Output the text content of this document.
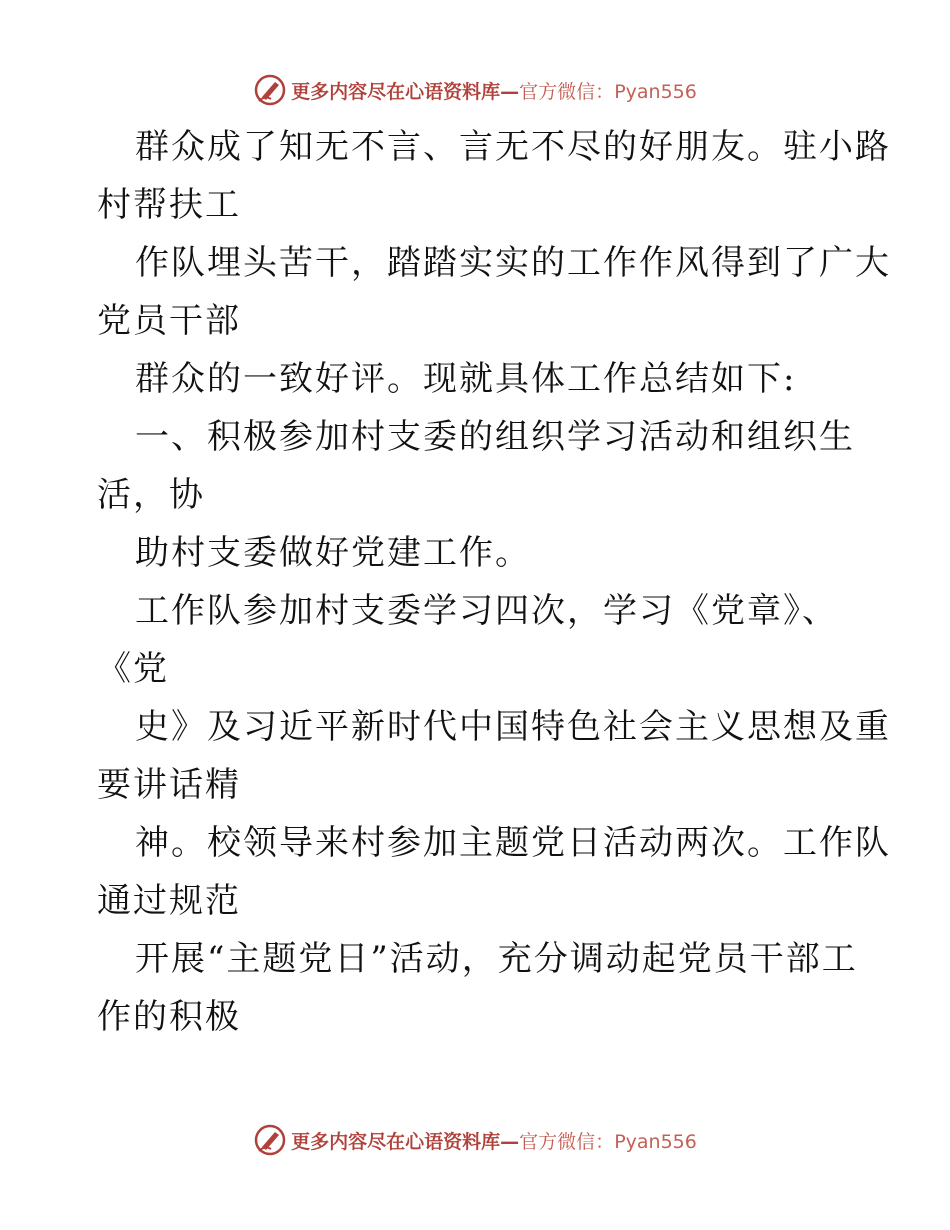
更多内容尽在心语资料库—官方微信：Pyan556
群众成了知无不言、言无不尽的好朋友。驻小路
村帮扶工
作队埋头苦干，踏踏实实的工作作风得到了广大
党员干部
群众的一致好评。现就具体工作总结如下:
一、积极参加村支委的组织学习活动和组织生
活，协
助村支委做好党建工作。
工作队参加村支委学习四次，学习《党章》、
《党
史》及习近平新时代中国特色社会主义思想及重
要讲话精
神。校领导来村参加主题党日活动两次。工作队
通过规范
开展“主题党日”活动，充分调动起党员干部工
作的积极
更多内容尽在心语资料库—官方微信：Pyan556
